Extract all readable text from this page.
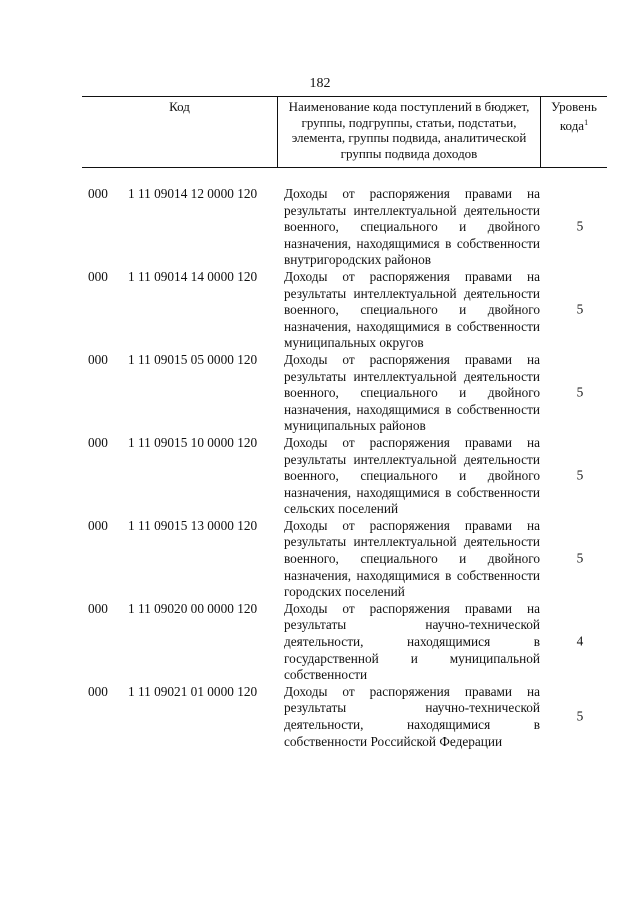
182
Код	Наименование кода поступлений в бюджет, группы, подгруппы, статьи, подстатьи, элемента, группы подвида, аналитической группы подвида доходов
Уровень кода$^1$
000 1 11 09014 12 0000 120 Доходы от распоряжения правами на результаты интеллектуальной деятельности военного, специального и двойного назначения, находящимися в собственности внутригородских районов
5
000 1 11 09014 14 0000 120 Доходы от распоряжения правами на результаты интеллектуальной деятельности военного, специального и двойного назначения, находящимися в собственности муниципальных округов
5
000 1 11 09015 05 0000 120 Доходы от распоряжения правами на результаты интеллектуальной деятельности военного, специального и двойного назначения, находящимися в собственности муниципальных районов
5
000 1 11 09015 10 0000 120 Доходы от распоряжения правами на результаты интеллектуальной деятельности военного, специального и двойного назначения, находящимися в собственности сельских поселений
5
000 1 11 09015 13 0000 120 Доходы от распоряжения правами на результаты интеллектуальной деятельности военного, специального и двойного назначения, находящимися в собственности городских поселений
5
000 1 11 09020 00 0000 120 Доходы от распоряжения правами на результаты научно-технической деятельности, находящимися в государственной и муниципальной собственности
4
000 1 11 09021 01 0000 120 Доходы от распоряжения правами на результаты научно-технической деятельности, находящимися в собственности Российской Федерации
5
